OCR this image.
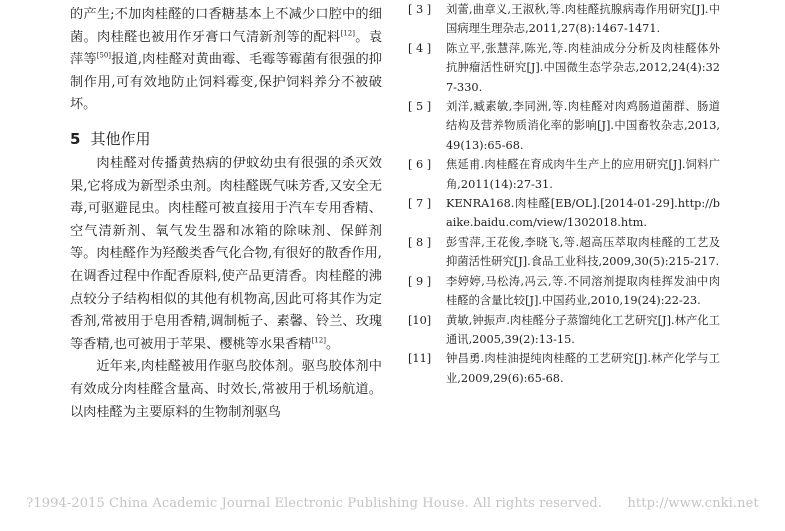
的产生;不加肉桂醛的口香糖基本上不减少口腔中的细菌。肉桂醛也被用作牙膏口气清新剂等的配料[12]。袁萍等[50]报道,肉桂醛对黄曲霉、毛霉等霉菌有很强的抑制作用,可有效地防止饲料霉变,保护饲料养分不被破坏。

5 其他作用

肉桂醛对传播黄热病的伊蚊幼虫有很强的杀灭效果,它将成为新型杀虫剂。肉桂醛既气味芳香,又安全无毒,可驱避昆虫。肉桂醛可被直接用于汽车专用香精、空气清新剂、氧气发生器和冰箱的除味剂、保鲜剂等。肉桂醛作为羟酸类香气化合物,有很好的散香作用,在调香过程中作配香原料,使产品更清香。肉桂醛的沸点较分子结构相似的其他有机物高,因此可将其作为定香剂,常被用于皂用香精,调制栀子、素馨、铃兰、玫瑰等香精,也可被用于苹果、樱桃等水果香精[12]。

近年来,肉桂醛被用作驱鸟胶体剂。驱鸟胶体剂中有效成分肉桂醛含量高、时效长,常被用于机场航道。以肉桂醛为主要原料的生物制剂驱鸟

[ 3 ]	刘蕾,曲章义,王淑秋,等.肉桂醛抗腺病毒作用研究[J].中国病理生理杂志,2011,27(8):1467-1471.
[ 4 ]	陈立平,张慧萍,陈光,等.肉桂油成分分析及肉桂醛体外抗肿瘤活性研究[J].中国微生态学杂志,2012,24(4):327-330.
[ 5 ]	刘洋,臧素敏,李同洲,等.肉桂醛对肉鸡肠道菌群、肠道结构及营养物质消化率的影响[J].中国畜牧杂志,2013,49(13):65-68.
[ 6 ]	焦延甫.肉桂醛在育成肉牛生产上的应用研究[J].饲料广角,2011(14):27-31.
[ 7 ]	KENRA168.肉桂醛[EB/OL].[2014-01-29].http://baike.baidu.com/view/1302018.htm.
[ 8 ]	彭雪萍,王花俊,李晓飞,等.超高压萃取肉桂醛的工艺及抑菌活性研究[J].食品工业科技,2009,30(5):215-217.
[ 9 ]	李婷婷,马松涛,冯云,等.不同溶剂提取肉桂挥发油中肉桂醛的含量比较[J].中国药业,2010,19(24):22-23.
[10]	黄敏,钟振声.肉桂醛分子蒸馏纯化工艺研究[J].林产化工通讯,2005,39(2):13-15.
[11]	钟昌勇.肉桂油提纯肉桂醛的工艺研究[J].林产化学与工业,2009,29(6):65-68.
?1994-2015 China Academic Journal Electronic Publishing House. All rights reserved. http://www.cnki.net
